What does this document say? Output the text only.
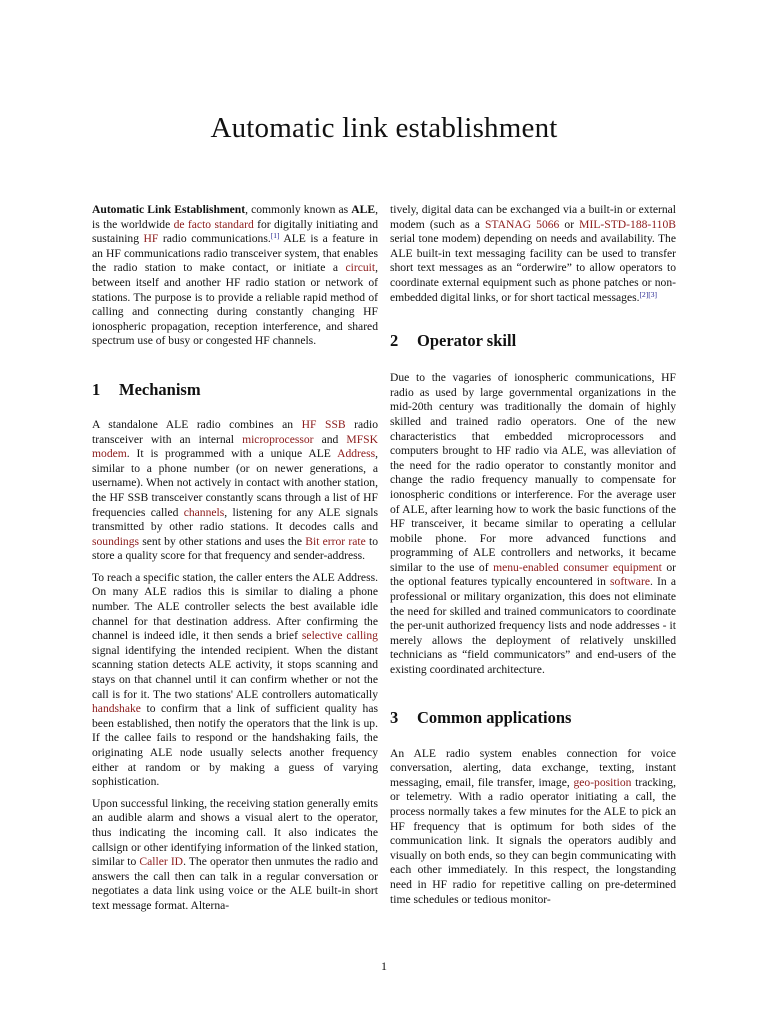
Automatic link establishment

Automatic Link Establishment, commonly known as ALE, is the worldwide de facto standard for digitally initiating and sustaining HF radio communications.[1] ALE is a feature in an HF communications radio transceiver system, that enables the radio station to make contact, or initiate a circuit, between itself and another HF radio station or network of stations. The purpose is to provide a reliable rapid method of calling and connecting during constantly changing HF ionospheric propagation, reception interference, and shared spectrum use of busy or congested HF channels.

1 Mechanism

A standalone ALE radio combines an HF SSB radio transceiver with an internal microprocessor and MFSK modem. It is programmed with a unique ALE Address, similar to a phone number (or on newer generations, a username). When not actively in contact with another station, the HF SSB transceiver constantly scans through a list of HF frequencies called channels, listening for any ALE signals transmitted by other radio stations. It decodes calls and soundings sent by other stations and uses the Bit error rate to store a quality score for that frequency and sender-address.

To reach a specific station, the caller enters the ALE Address. On many ALE radios this is similar to dialing a phone number. The ALE controller selects the best available idle channel for that destination address. After confirming the channel is indeed idle, it then sends a brief selective calling signal identifying the intended recipient. When the distant scanning station detects ALE activity, it stops scanning and stays on that channel until it can confirm whether or not the call is for it. The two stations' ALE controllers automatically handshake to confirm that a link of sufficient quality has been established, then notify the operators that the link is up. If the callee fails to respond or the handshaking fails, the originating ALE node usually selects another frequency either at random or by making a guess of varying sophistication.

Upon successful linking, the receiving station generally emits an audible alarm and shows a visual alert to the operator, thus indicating the incoming call. It also indicates the callsign or other identifying information of the linked station, similar to Caller ID. The operator then unmutes the radio and answers the call then can talk in a regular conversation or negotiates a data link using voice or the ALE built-in short text message format. Alterna-

tively, digital data can be exchanged via a built-in or external modem (such as a STANAG 5066 or MIL-STD-188-110B serial tone modem) depending on needs and availability. The ALE built-in text messaging facility can be used to transfer short text messages as an “orderwire” to allow operators to coordinate external equipment such as phone patches or non-embedded digital links, or for short tactical messages.[2][3]

2 Operator skill

Due to the vagaries of ionospheric communications, HF radio as used by large governmental organizations in the mid-20th century was traditionally the domain of highly skilled and trained radio operators. One of the new characteristics that embedded microprocessors and computers brought to HF radio via ALE, was alleviation of the need for the radio operator to constantly monitor and change the radio frequency manually to compensate for ionospheric conditions or interference. For the average user of ALE, after learning how to work the basic functions of the HF transceiver, it became similar to operating a cellular mobile phone. For more advanced functions and programming of ALE controllers and networks, it became similar to the use of menu-enabled consumer equipment or the optional features typically encountered in software. In a professional or military organization, this does not eliminate the need for skilled and trained communicators to coordinate the per-unit authorized frequency lists and node addresses - it merely allows the deployment of relatively unskilled technicians as “field communicators” and end-users of the existing coordinated architecture.

3 Common applications

An ALE radio system enables connection for voice conversation, alerting, data exchange, texting, instant messaging, email, file transfer, image, geo-position tracking, or telemetry. With a radio operator initiating a call, the process normally takes a few minutes for the ALE to pick an HF frequency that is optimum for both sides of the communication link. It signals the operators audibly and visually on both ends, so they can begin communicating with each other immediately. In this respect, the longstanding need in HF radio for repetitive calling on pre-determined time schedules or tedious monitor-

1
